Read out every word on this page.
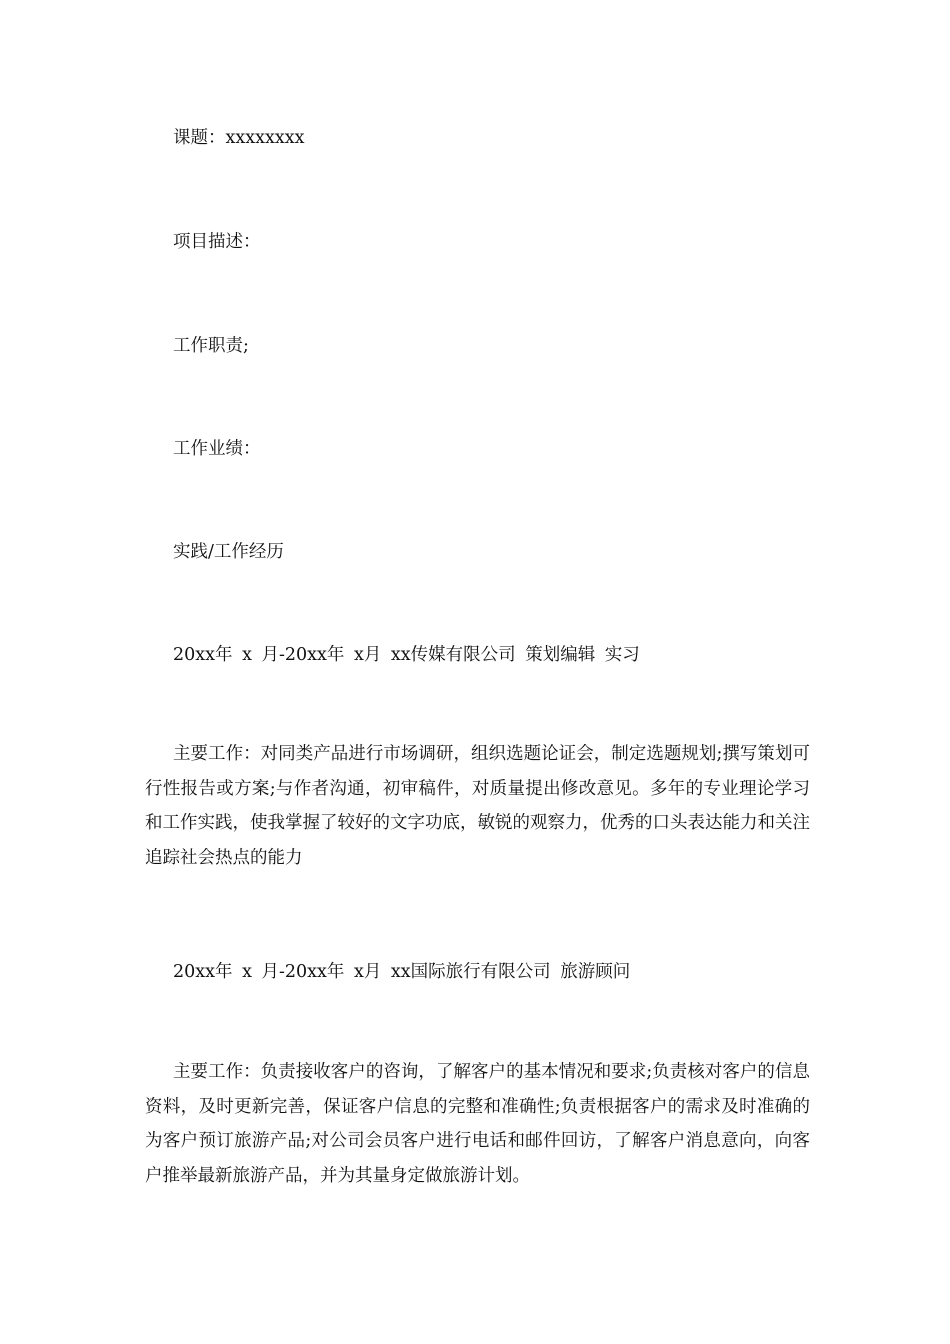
课题：xxxxxxxx
项目描述：
工作职责;
工作业绩：
实践/工作经历
20xx年 x 月-20xx年 x月 xx传媒有限公司 策划编辑 实习
主要工作：对同类产品进行市场调研，组织选题论证会，制定选题规划;撰写策划可行性报告或方案;与作者沟通，初审稿件，对质量提出修改意见。多年的专业理论学习和工作实践，使我掌握了较好的文字功底，敏锐的观察力，优秀的口头表达能力和关注追踪社会热点的能力
20xx年 x 月-20xx年 x月 xx国际旅行有限公司 旅游顾问
主要工作：负责接收客户的咨询，了解客户的基本情况和要求;负责核对客户的信息资料，及时更新完善，保证客户信息的完整和准确性;负责根据客户的需求及时准确的为客户预订旅游产品;对公司会员客户进行电话和邮件回访，了解客户消息意向，向客户推举最新旅游产品，并为其量身定做旅游计划。
